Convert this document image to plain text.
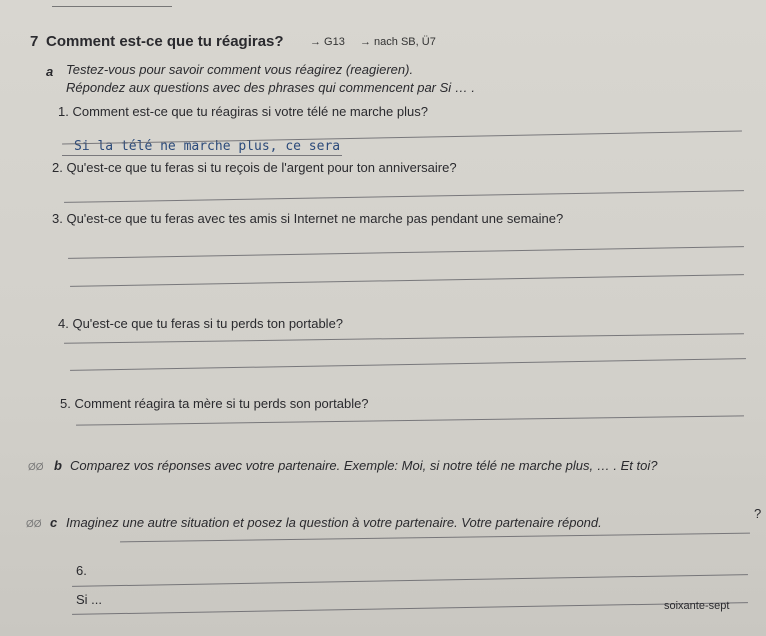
7 Comment est-ce que tu réagiras? → G13 → nach SB, Ü7
a Testez-vous pour savoir comment vous réagirez (reagieren).
Répondez aux questions avec des phrases qui commencent par Si … .
1. Comment est-ce que tu réagiras si votre télé ne marche plus?
Si la télé ne marche plus, ce sera
2. Qu'est-ce que tu feras si tu reçois de l'argent pour ton anniversaire?
3. Qu'est-ce que tu feras avec tes amis si Internet ne marche pas pendant une semaine?
4. Qu'est-ce que tu feras si tu perds ton portable?
5. Comment réagira ta mère si tu perds son portable?
ØØ b Comparez vos réponses avec votre partenaire. Exemple: Moi, si notre télé ne marche plus, … . Et toi?
ØØ c Imaginez une autre situation et posez la question à votre partenaire. Votre partenaire répond.
?
6.
Si ...	soixante-sept
